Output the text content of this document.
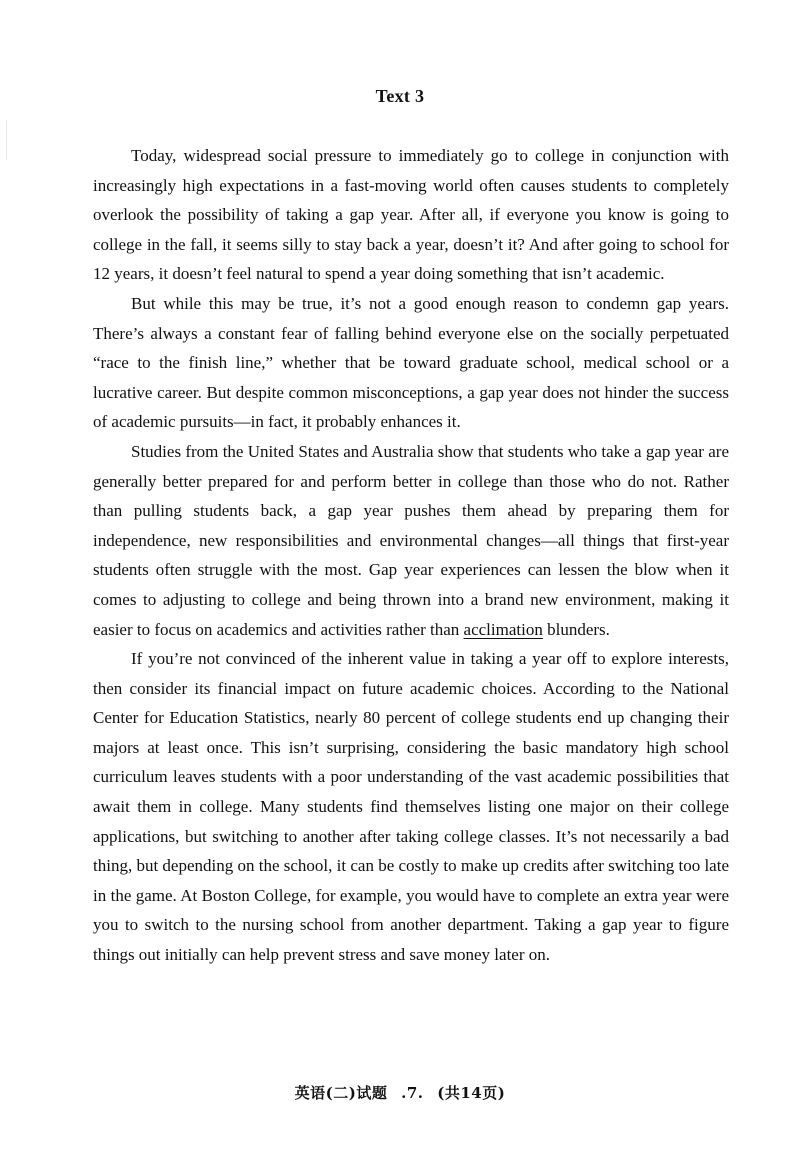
Text 3

Today, widespread social pressure to immediately go to college in conjunction with increasingly high expectations in a fast-moving world often causes students to completely overlook the possibility of taking a gap year. After all, if everyone you know is going to college in the fall, it seems silly to stay back a year, doesn’t it? And after going to school for 12 years, it doesn’t feel natural to spend a year doing something that isn’t academic.

But while this may be true, it’s not a good enough reason to condemn gap years. There’s always a constant fear of falling behind everyone else on the socially perpetuated “race to the finish line,” whether that be toward graduate school, medical school or a lucrative career. But despite common misconceptions, a gap year does not hinder the success of academic pursuits—in fact, it probably enhances it.

Studies from the United States and Australia show that students who take a gap year are generally better prepared for and perform better in college than those who do not. Rather than pulling students back, a gap year pushes them ahead by preparing them for independence, new responsibilities and environmental changes—all things that first-year students often struggle with the most. Gap year experiences can lessen the blow when it comes to adjusting to college and being thrown into a brand new environment, making it easier to focus on academics and activities rather than acclimation blunders.

If you’re not convinced of the inherent value in taking a year off to explore interests, then consider its financial impact on future academic choices. According to the National Center for Education Statistics, nearly 80 percent of college students end up changing their majors at least once. This isn’t surprising, considering the basic mandatory high school curriculum leaves students with a poor understanding of the vast academic possibilities that await them in college. Many students find themselves listing one major on their college applications, but switching to another after taking college classes. It’s not necessarily a bad thing, but depending on the school, it can be costly to make up credits after switching too late in the game. At Boston College, for example, you would have to complete an extra year were you to switch to the nursing school from another department. Taking a gap year to figure things out initially can help prevent stress and save money later on.

英语(二)试题 .7. (共14页)
